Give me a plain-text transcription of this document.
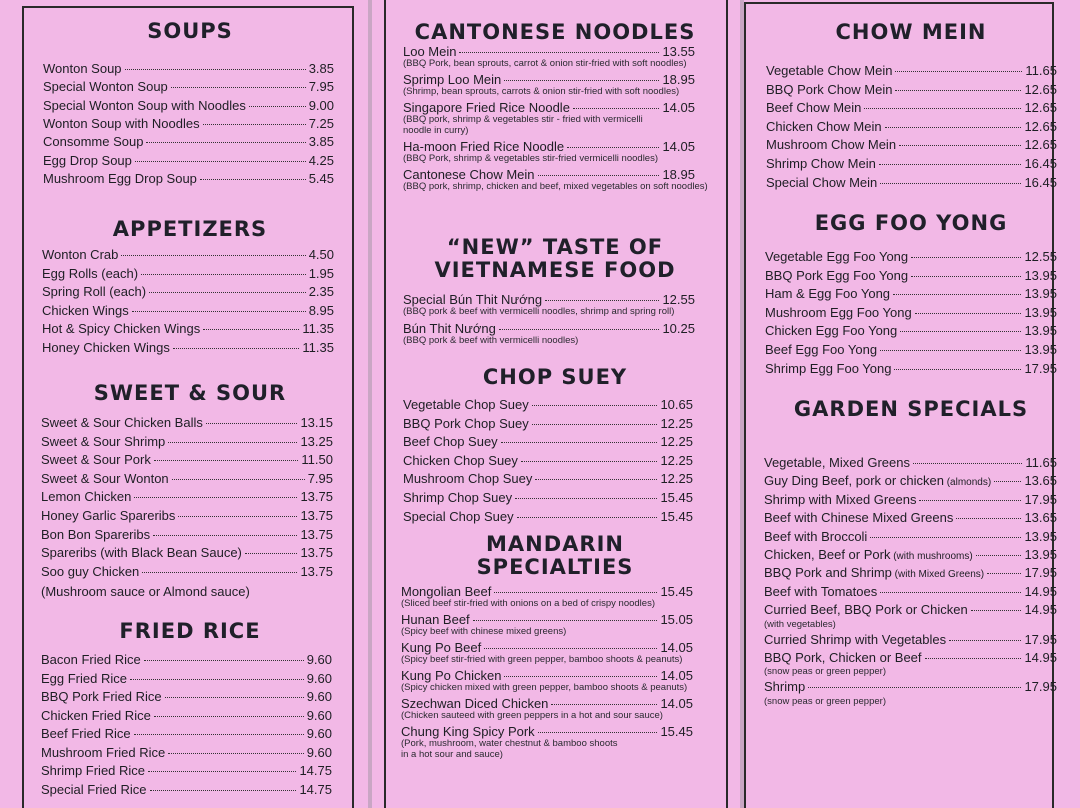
SOUPS
APPETIZERS
SWEET & SOUR
(Mushroom sauce or Almond sauce)
FRIED RICE
CANTONESE NOODLES
“NEW” TASTE OF
VIETNAMESE FOOD
CHOP SUEY
MANDARIN
SPECIALTIES
CHOW MEIN
EGG FOO YONG
GARDEN SPECIALS
Wonton Soup	3.85
Special Wonton Soup	7.95
Special Wonton Soup with Noodles	9.00
Wonton Soup with Noodles	7.25
Consomme Soup	3.85
Egg Drop Soup	4.25
Mushroom Egg Drop Soup	5.45
Wonton Crab	4.50
Egg Rolls (each)	1.95
Spring Roll (each)	2.35
Chicken Wings	8.95
Hot & Spicy Chicken Wings	11.35
Honey Chicken Wings	11.35
Sweet & Sour Chicken Balls	13.15
Sweet & Sour Shrimp	13.25
Sweet & Sour Pork	11.50
Sweet & Sour Wonton	7.95
Lemon Chicken	13.75
Honey Garlic Spareribs	13.75
Bon Bon Spareribs	13.75
Spareribs (with Black Bean Sauce)	13.75
Soo guy Chicken	13.75
Bacon Fried Rice	9.60
Egg Fried Rice	9.60
BBQ Pork Fried Rice	9.60
Chicken Fried Rice	9.60
Beef Fried Rice	9.60
Mushroom Fried Rice	9.60
Shrimp Fried Rice	14.75
Special Fried Rice	14.75
Loo Mein	13.55
(BBQ Pork, bean sprouts, carrot & onion stir-fried with soft noodles)
Sprimp Loo Mein	18.95
(Shrimp, bean sprouts, carrots & onion stir-fried with soft noodles)
Singapore Fried Rice Noodle	14.05
(BBQ pork, shrimp & vegetables stir - fried with vermicelli
noodle in curry)
Ha-moon Fried Rice Noodle	14.05
(BBQ Pork, shrimp & vegetables stir-fried vermicelli noodles)
Cantonese Chow Mein	18.95
(BBQ pork, shrimp, chicken and beef, mixed vegetables on soft noodles)
Special Bún Thit Nướng	12.55
(BBQ pork & beef with vermicelli noodles, shrimp and spring roll)
Bún Thit Nướng	10.25
(BBQ pork & beef with vermicelli noodles)
Vegetable Chop Suey	10.65
BBQ Pork Chop Suey	12.25
Beef Chop Suey	12.25
Chicken Chop Suey	12.25
Mushroom Chop Suey	12.25
Shrimp Chop Suey	15.45
Special Chop Suey	15.45
Mongolian Beef	15.45
(Sliced beef stir-fried with onions on a bed of crispy noodles)
Hunan Beef	15.05
(Spicy beef with chinese mixed greens)
Kung Po Beef	14.05
(Spicy beef stir-fried with green pepper, bamboo shoots & peanuts)
Kung Po Chicken	14.05
(Spicy chicken mixed with green pepper, bamboo shoots & peanuts)
Szechwan Diced Chicken	14.05
(Chicken sauteed with green peppers in a hot and sour sauce)
Chung King Spicy Pork	15.45
(Pork, mushroom, water chestnut & bamboo shoots
in a hot sour and sauce)
Vegetable Chow Mein	11.65
BBQ Pork Chow Mein	12.65
Beef Chow Mein	12.65
Chicken Chow Mein	12.65
Mushroom Chow Mein	12.65
Shrimp Chow Mein	16.45
Special Chow Mein	16.45
Vegetable Egg Foo Yong	12.55
BBQ Pork Egg Foo Yong	13.95
Ham & Egg Foo Yong	13.95
Mushroom Egg Foo Yong	13.95
Chicken Egg Foo Yong	13.95
Beef Egg Foo Yong	13.95
Shrimp Egg Foo Yong	17.95
Vegetable, Mixed Greens	11.65
Guy Ding Beef, pork or chicken (almonds)	13.65
Shrimp with Mixed Greens	17.95
Beef with Chinese Mixed Greens	13.65
Beef with Broccoli	13.95
Chicken, Beef or Pork (with mushrooms)	13.95
BBQ Pork and Shrimp (with Mixed Greens)	17.95
Beef with Tomatoes	14.95
Curried Beef, BBQ Pork or Chicken	14.95
(with vegetables)
Curried Shrimp with Vegetables	17.95
BBQ Pork, Chicken or Beef	14.95
(snow peas or green pepper)
Shrimp	17.95
(snow peas or green pepper)
